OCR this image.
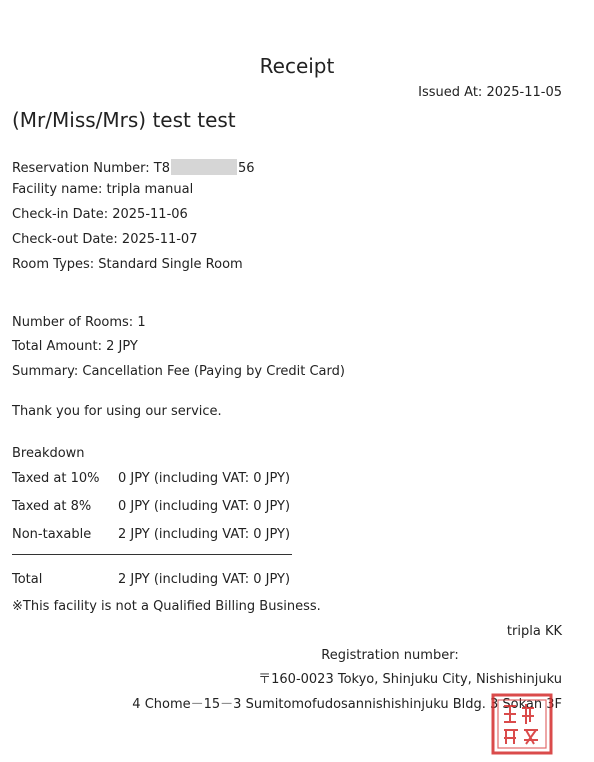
Receipt
Issued At: 2025-11-05
(Mr/Miss/Mrs) test test
Reservation Number: T8	56
Facility name: tripla manual
Check-in Date: 2025-11-06
Check-out Date: 2025-11-07
Room Types: Standard Single Room
Number of Rooms: 1
Total Amount: 2 JPY
Summary: Cancellation Fee (Paying by Credit Card)
Thank you for using our service.
Breakdown
Taxed at 10% 0 JPY (including VAT: 0 JPY)
Taxed at 8% 0 JPY (including VAT: 0 JPY)
Non-taxable 2 JPY (including VAT: 0 JPY)
Total	2 JPY (including VAT: 0 JPY)
※This facility is not a Qualified Billing Business.
tripla KK
Registration number:
〒160-0023 Tokyo, Shinjuku City, Nishishinjuku
4 Chome－15－3 Sumitomofudosannishishinjuku Bldg. 3 Sokan 3F
